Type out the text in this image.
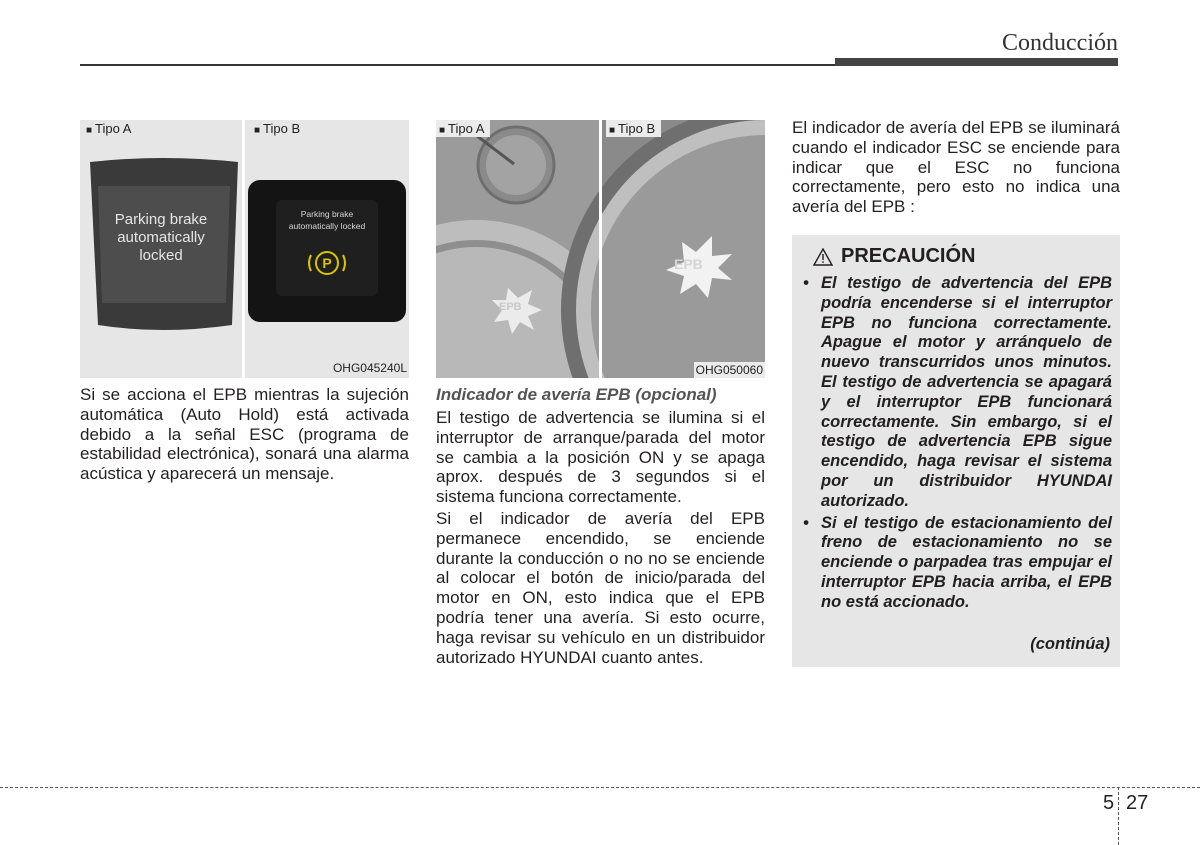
Conducción
■ Tipo A	■ Tipo B
Parking brake
automatically
locked
Parking brake
automatically locked
P
OHG045240L

Si se acciona el EPB mientras la sujeción automática (Auto Hold) está activada debido a la señal ESC (programa de estabilidad electrónica), sonará una alarma acústica y aparecerá un mensaje.

EPB
EPB
■ Tipo A	■ Tipo B
OHG050060

Indicador de avería EPB (opcional)

El testigo de advertencia se ilumina si el interruptor de arranque/parada del motor se cambia a la posición ON y se apaga aprox. después de 3 segundos si el sistema funciona correctamente.

Si el indicador de avería del EPB permanece encendido, se enciende durante la conducción o no no se enciende al colocar el botón de inicio/parada del motor en ON, esto indica que el EPB podría tener una avería. Si esto ocurre, haga revisar su vehículo en un distribuidor autorizado HYUNDAI cuanto antes.

El indicador de avería del EPB se iluminará cuando el indicador ESC se enciende para indicar que el ESC no funciona correctamente, pero esto no indica una avería del EPB :

PRECAUCIÓN
• El testigo de advertencia del EPB podría encenderse si el interruptor EPB no funciona correctamente. Apague el motor y arránquelo de nuevo transcurridos unos minutos. El testigo de advertencia se apagará y el interruptor EPB funcionará correctamente. Sin embargo, si el testigo de advertencia EPB sigue encendido, haga revisar el sistema por un distribuidor HYUNDAI autorizado.
• Si el testigo de estacionamiento del freno de estacionamiento no se enciende o parpadea tras empujar el interruptor EPB hacia arriba, el EPB no está accionado.
(continúa)
5 27
